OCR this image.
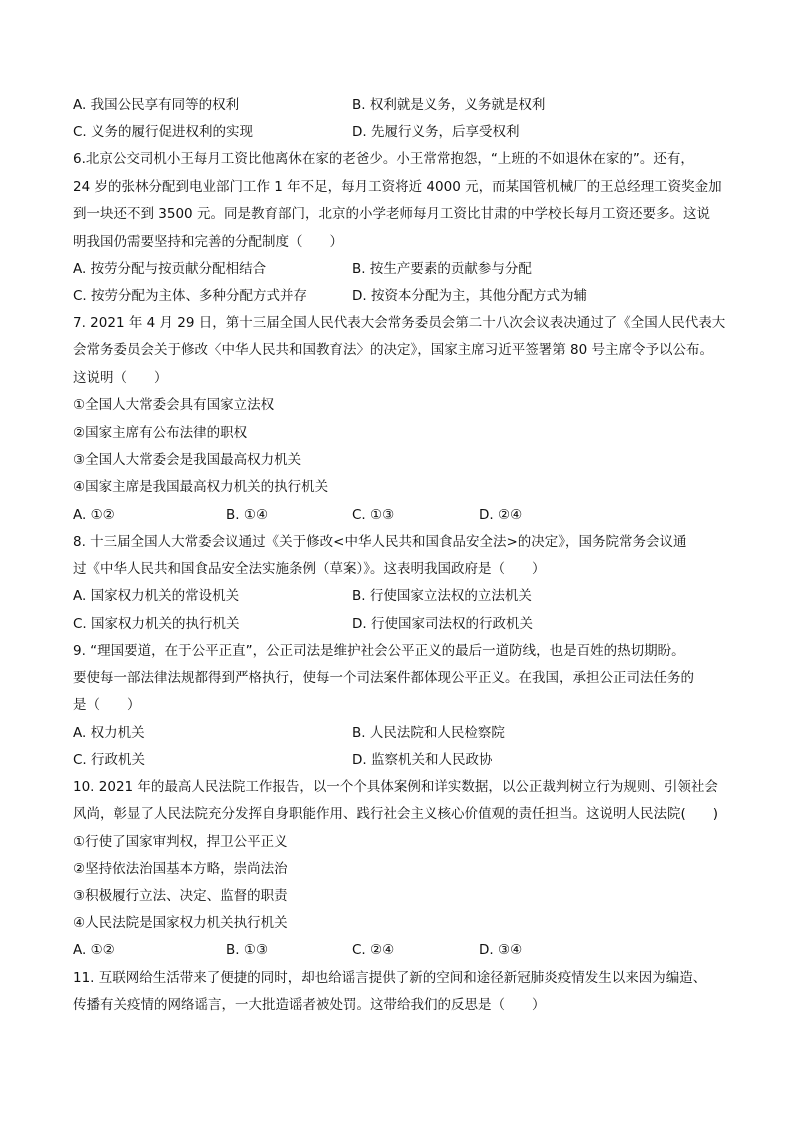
A. 我国公民享有同等的权利	B. 权利就是义务，义务就是权利
C. 义务的履行促进权利的实现	D. 先履行义务，后享受权利
6.北京公交司机小王每月工资比他离休在家的老爸少。小王常常抱怨，“上班的不如退休在家的”。还有，
24 岁的张林分配到电业部门工作 1 年不足，每月工资将近 4000 元，而某国管机械厂的王总经理工资奖金加
到一块还不到 3500 元。同是教育部门，北京的小学老师每月工资比甘肃的中学校长每月工资还要多。这说
明我国仍需要坚持和完善的分配制度（　　）
A. 按劳分配与按贡献分配相结合	B. 按生产要素的贡献参与分配
C. 按劳分配为主体、多种分配方式并存	D. 按资本分配为主，其他分配方式为辅
7. 2021 年 4 月 29 日，第十三届全国人民代表大会常务委员会第二十八次会议表决通过了《全国人民代表大
会常务委员会关于修改〈中华人民共和国教育法〉的决定》，国家主席习近平签署第 80 号主席令予以公布。
这说明（　　）
①全国人大常委会具有国家立法权
②国家主席有公布法律的职权
③全国人大常委会是我国最高权力机关
④国家主席是我国最高权力机关的执行机关
A. ①②	B. ①④	C. ①③	D. ②④
8. 十三届全国人大常委会议通过《关于修改<中华人民共和国食品安全法>的决定》，国务院常务会议通
过《中华人民共和国食品安全法实施条例（草案）》。这表明我国政府是（　　）
A. 国家权力机关的常设机关	B. 行使国家立法权的立法机关
C. 国家权力机关的执行机关	D. 行使国家司法权的行政机关
9. “理国要道，在于公平正直”，公正司法是维护社会公平正义的最后一道防线，也是百姓的热切期盼。
要使每一部法律法规都得到严格执行，使每一个司法案件都体现公平正义。在我国，承担公正司法任务的
是（　　）
A. 权力机关	B. 人民法院和人民检察院
C. 行政机关	D. 监察机关和人民政协
10. 2021 年的最高人民法院工作报告，以一个个具体案例和详实数据，以公正裁判树立行为规则、引领社会
风尚，彰显了人民法院充分发挥自身职能作用、践行社会主义核心价值观的责任担当。这说明人民法院(　　)
①行使了国家审判权，捍卫公平正义
②坚持依法治国基本方略，崇尚法治
③积极履行立法、决定、监督的职责
④人民法院是国家权力机关执行机关
A. ①②	B. ①③	C. ②④	D. ③④
11. 互联网给生活带来了便捷的同时，却也给谣言提供了新的空间和途径新冠肺炎疫情发生以来因为编造、
传播有关疫情的网络谣言，一大批造谣者被处罚。这带给我们的反思是（　　）
